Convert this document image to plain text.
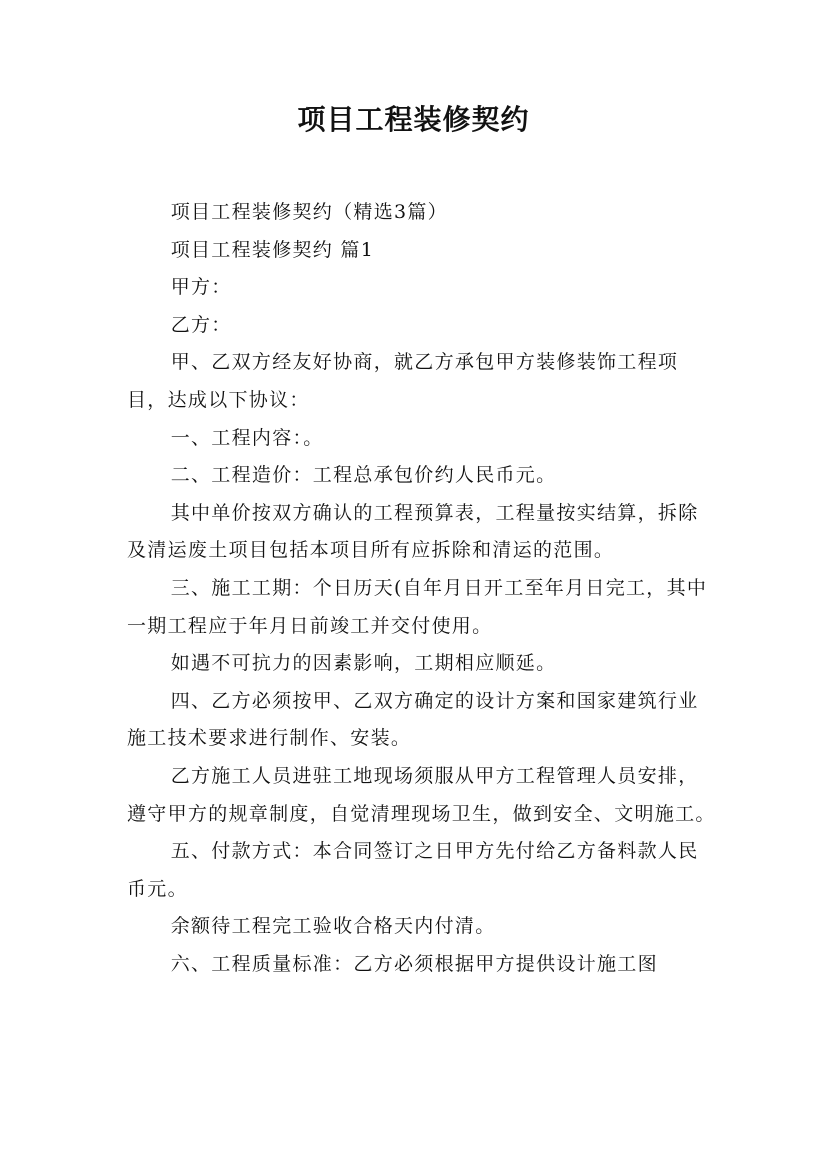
项目工程装修契约

项目工程装修契约（精选3篇）

项目工程装修契约 篇1

甲方：

乙方：

甲、乙双方经友好协商，就乙方承包甲方装修装饰工程项目，达成以下协议：

一、工程内容：。

二、工程造价：工程总承包价约人民币元。

其中单价按双方确认的工程预算表，工程量按实结算，拆除及清运废土项目包括本项目所有应拆除和清运的范围。

三、施工工期：个日历天(自年月日开工至年月日完工，其中一期工程应于年月日前竣工并交付使用。

如遇不可抗力的因素影响，工期相应顺延。

四、乙方必须按甲、乙双方确定的设计方案和国家建筑行业施工技术要求进行制作、安装。

乙方施工人员进驻工地现场须服从甲方工程管理人员安排，遵守甲方的规章制度，自觉清理现场卫生，做到安全、文明施工。

五、付款方式：本合同签订之日甲方先付给乙方备料款人民币元。

余额待工程完工验收合格天内付清。

六、工程质量标准：乙方必须根据甲方提供设计施工图
